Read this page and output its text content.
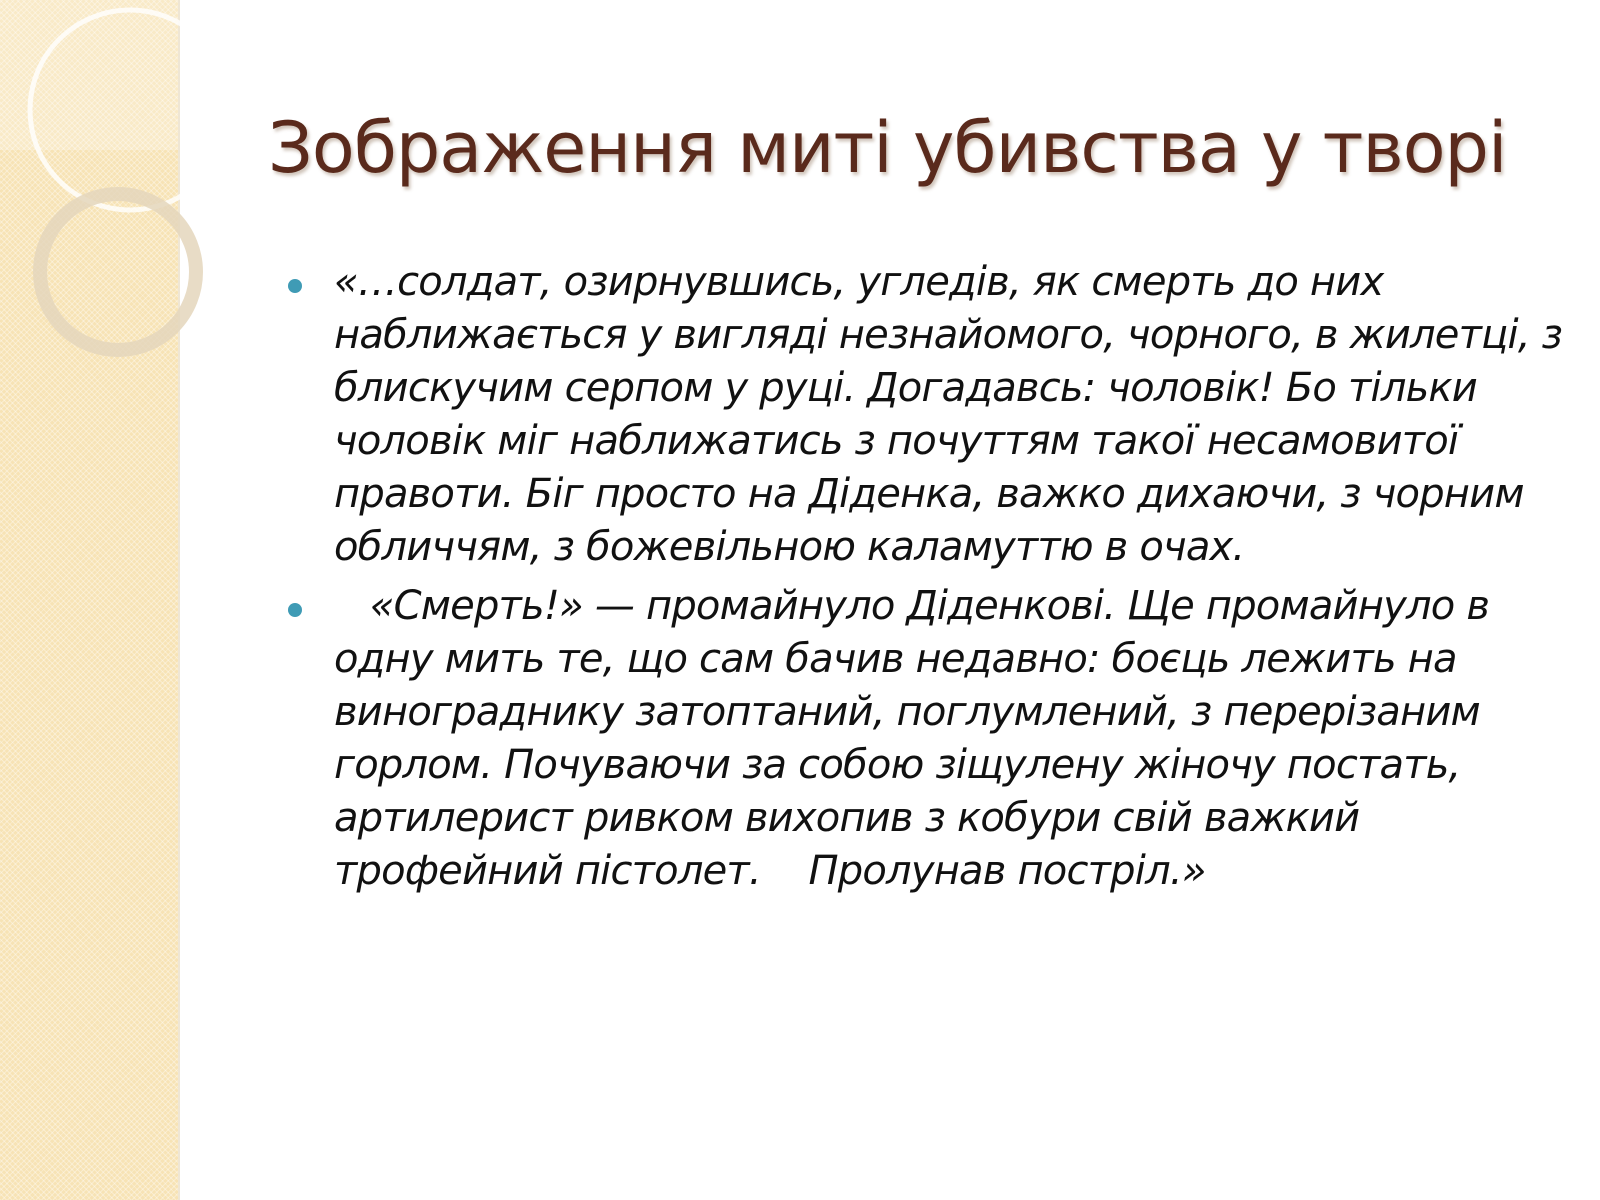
Зображення миті убивства у творі
«…солдат, озирнувшись, угледів, як смерть до них наближається у вигляді незнайомого, чорного, в жилетці, з блискучим серпом у руці. Догадавсь: чоловік! Бо тільки чоловік міг наближатись з почуттям такої несамовитої правоти. Біг просто на Діденка, важко дихаючи, з чорним обличчям, з божевільною каламуттю в очах.
«Смерть!» — промайнуло Діденкові. Ще промайнуло в одну мить те, що сам бачив недавно: боєць лежить на винограднику затоптаний, поглумлений, з перерізаним горлом. Почуваючи за собою зіщулену жіночу постать, артилерист ривком вихопив з кобури свій важкий трофейний пістолет.    Пролунав постріл.»
